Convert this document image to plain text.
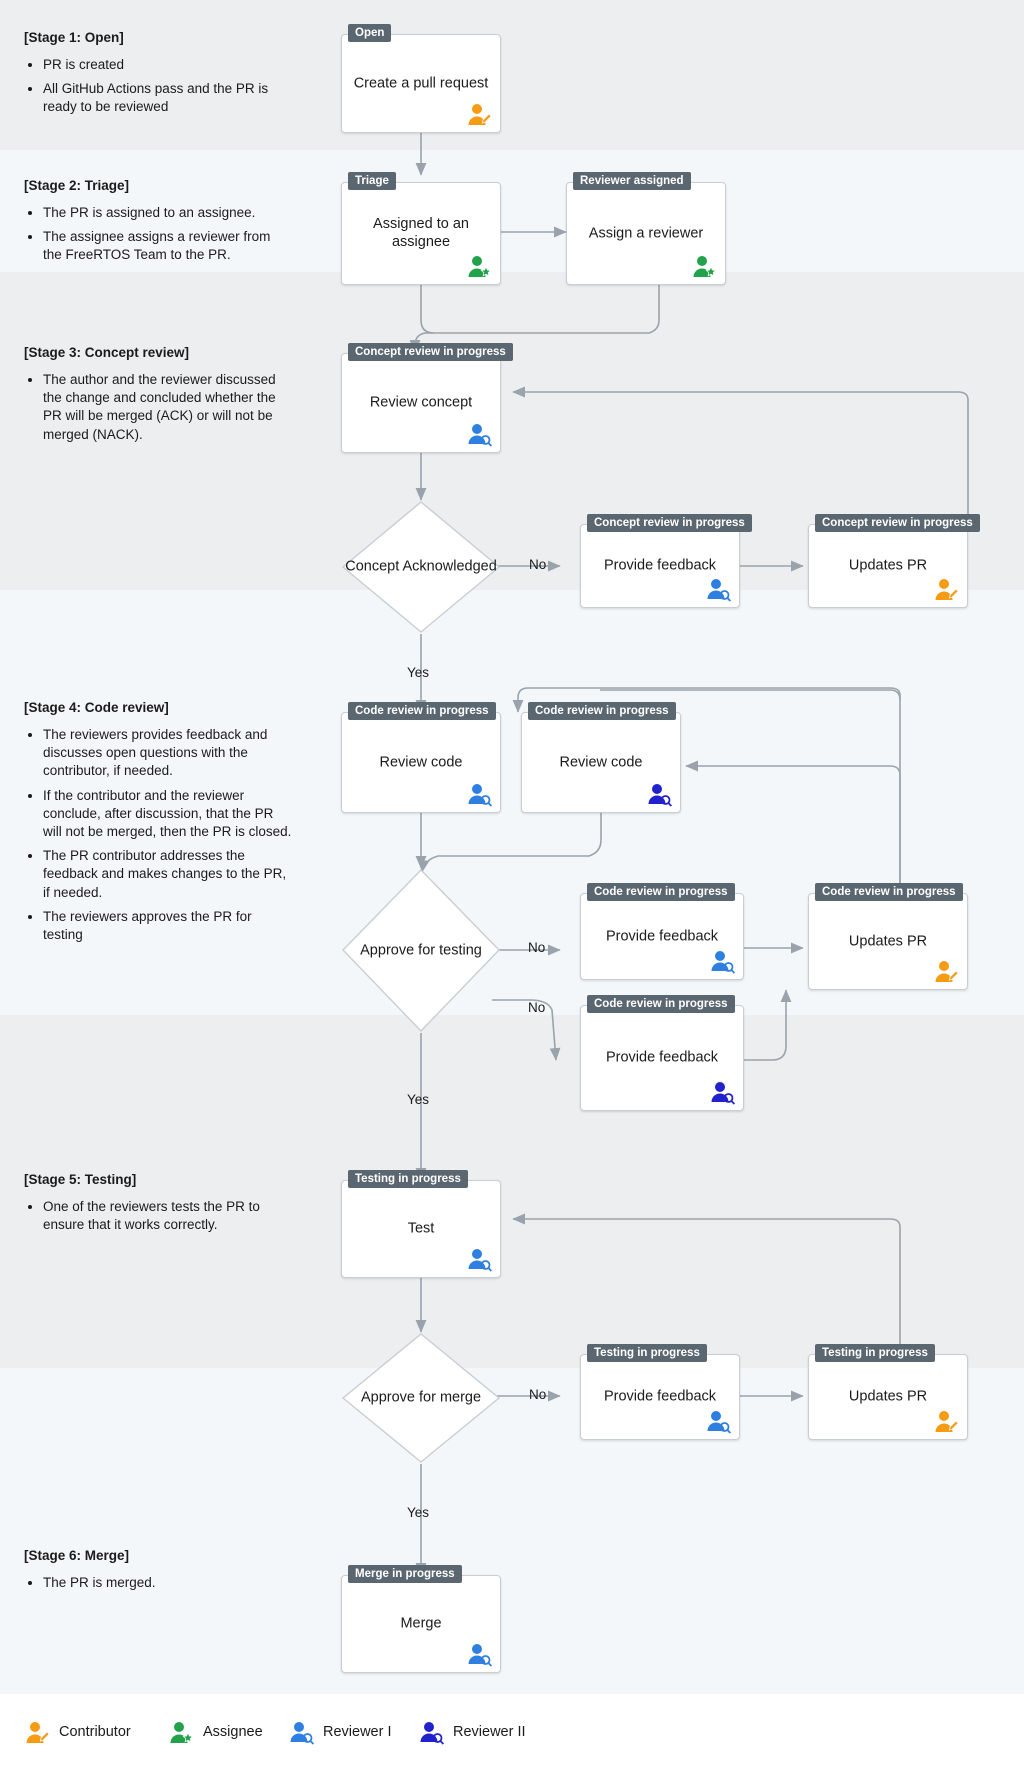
[Stage 1: Open]
• PR is created
• All GitHub Actions pass and the PR is ready to be reviewed
[Stage 2: Triage]
• The PR is assigned to an assignee.
• The assignee assigns a reviewer from the FreeRTOS Team to the PR.
[Stage 3: Concept review]
• The author and the reviewer discussed the change and concluded whether the PR will be merged (ACK) or will not be merged (NACK).
[Stage 4: Code review]
• The reviewers provides feedback and discusses open questions with the contributor, if needed.
• If the contributor and the reviewer conclude, after discussion, that the PR will not be merged, then the PR is closed.
• The PR contributor addresses the feedback and makes changes to the PR, if needed.
• The reviewers approves the PR for testing
[Stage 5: Testing]
• One of the reviewers tests the PR to ensure that it works correctly.
[Stage 6: Merge]
• The PR is merged.
Open
Create a pull request
Triage
Assigned to an assignee
Reviewer assigned
Assign a reviewer
Concept review in progress
Review concept
Concept Acknowledged
Concept review in progress
Provide feedback
Concept review in progress
Updates PR
No
Yes
Code review in progress
Review code
Code review in progress
Review code
Approve for testing
Code review in progress
Provide feedback
Code review in progress
Provide feedback
Code review in progress
Updates PR
No
No
Yes
Testing in progress
Test
Approve for merge
Testing in progress
Provide feedback
Testing in progress
Updates PR
No
Yes
Merge in progress
Merge
Contributor	Assignee	Reviewer I	Reviewer II
